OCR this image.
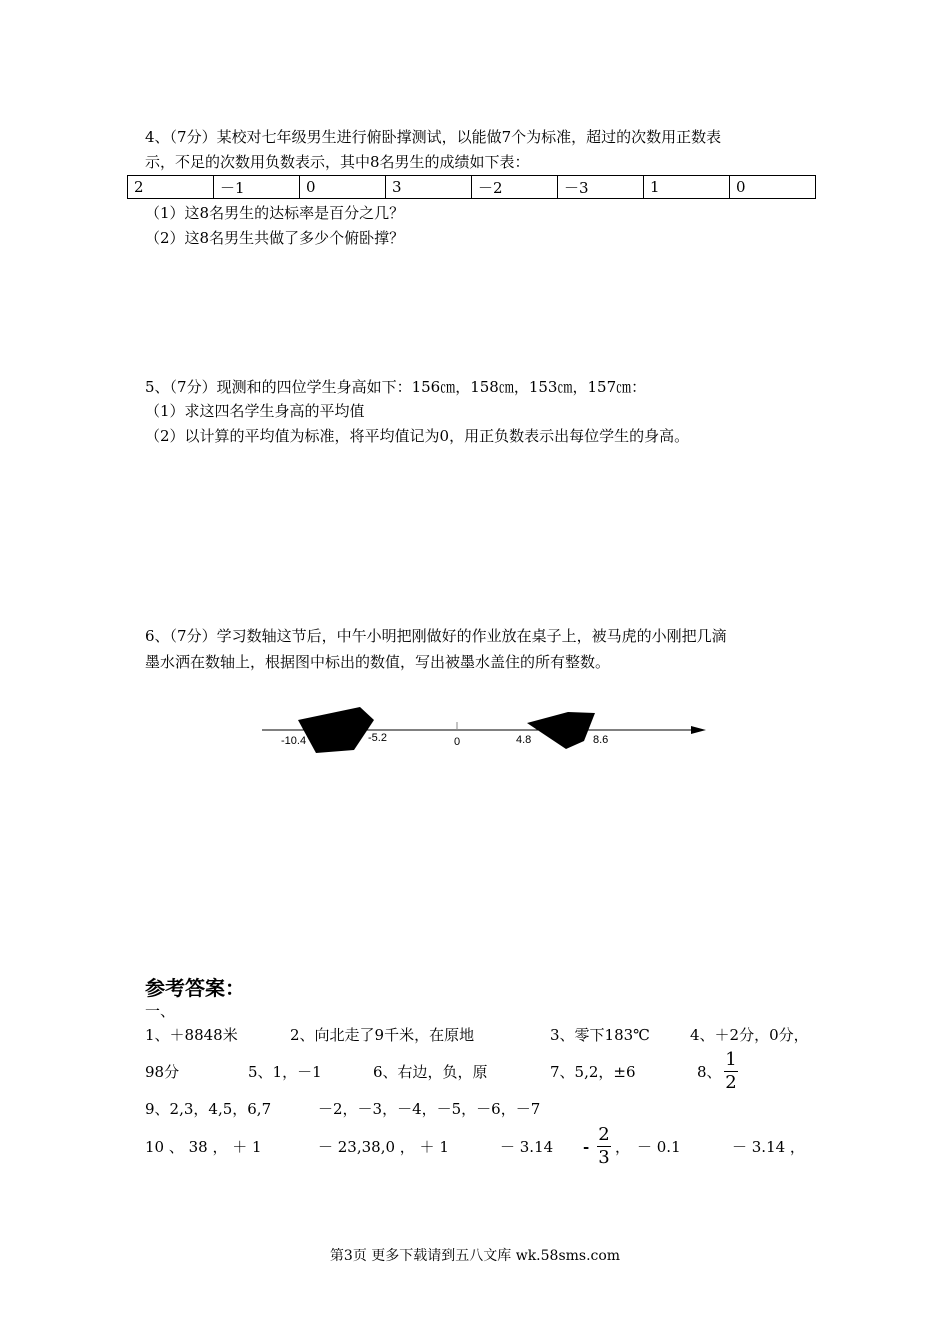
4、（7分）某校对七年级男生进行俯卧撑测试，以能做7个为标准，超过的次数用正数表
示，不足的次数用负数表示，其中8名男生的成绩如下表：
2	－1	0	3	－2	－3	1	0
（1）这8名男生的达标率是百分之几？
（2）这8名男生共做了多少个俯卧撑？
5、（7分）现测和的四位学生身高如下：156㎝，158㎝，153㎝，157㎝：
（1）求这四名学生身高的平均值
（2）以计算的平均值为标准，将平均值记为0，用正负数表示出每位学生的身高。
6、（7分）学习数轴这节后，中午小明把刚做好的作业放在桌子上，被马虎的小刚把几滴
墨水洒在数轴上，根据图中标出的数值，写出被墨水盖住的所有整数。
-10.4	-5.2	0	4.8	8.6
参考答案：
一、
1、＋8848米	2、向北走了9千米，在原地	3、零下183℃	4、＋2分，0分，
98分	5、1，－1	6、右边，负，原	7、5,2，±6	8、
1
2
9、2,3，4,5，6,7	－2，－3，－4，－5，－6，－7
10 、 38 ， ＋ 1	－ 23,38,0 ， ＋ 1	－ 3.14 -
2
3 ， － 0.1	－ 3.14 ，
第3页 更多下载请到五八文库 wk.58sms.com
